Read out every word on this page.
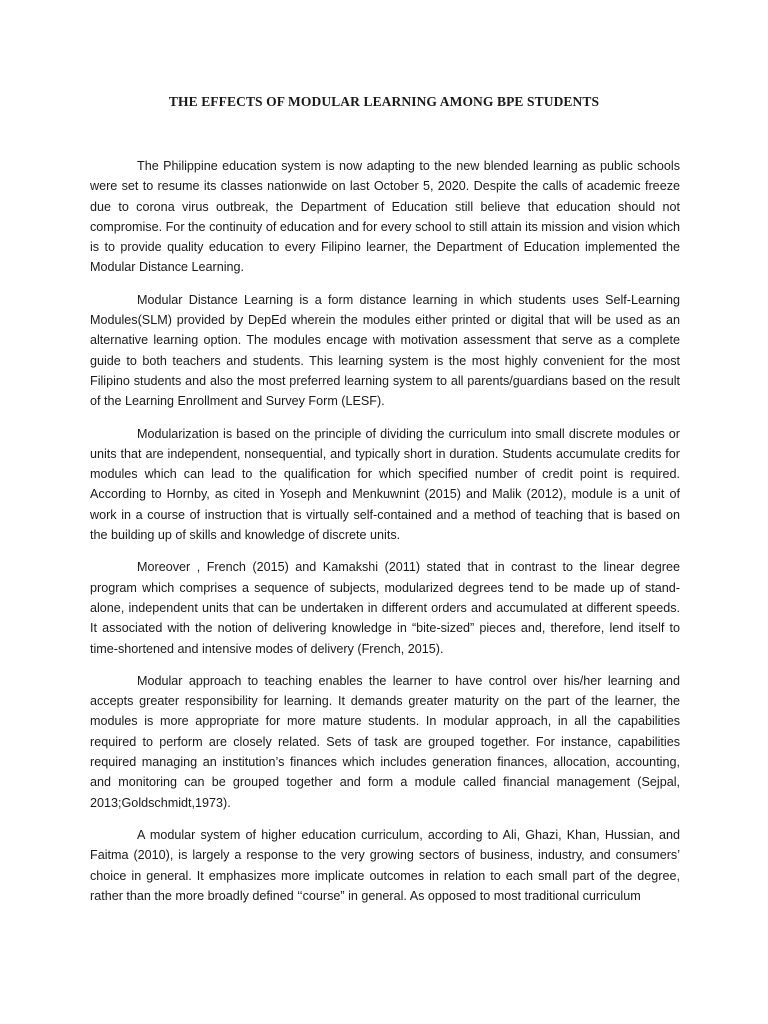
THE EFFECTS OF MODULAR LEARNING AMONG BPE STUDENTS

The Philippine education system is now adapting to the new blended learning as public schools were set to resume its classes nationwide on last October 5, 2020. Despite the calls of academic freeze due to corona virus outbreak, the Department of Education still believe that education should not compromise. For the continuity of education and for every school to still attain its mission and vision which is to provide quality education to every Filipino learner, the Department of Education implemented the Modular Distance Learning.

Modular Distance Learning is a form distance learning in which students uses Self-Learning Modules(SLM) provided by DepEd wherein the modules either printed or digital that will be used as an alternative learning option. The modules encage with motivation assessment that serve as a complete guide to both teachers and students. This learning system is the most highly convenient for the most Filipino students and also the most preferred learning system to all parents/guardians based on the result of the Learning Enrollment and Survey Form (LESF).

Modularization is based on the principle of dividing the curriculum into small discrete modules or units that are independent, nonsequential, and typically short in duration. Students accumulate credits for modules which can lead to the qualification for which specified number of credit point is required. According to Hornby, as cited in Yoseph and Menkuwnint (2015) and Malik (2012), module is a unit of work in a course of instruction that is virtually self-contained and a method of teaching that is based on the building up of skills and knowledge of discrete units.

Moreover , French (2015) and Kamakshi (2011) stated that in contrast to the linear degree program which comprises a sequence of subjects, modularized degrees tend to be made up of stand-alone, independent units that can be undertaken in different orders and accumulated at different speeds. It associated with the notion of delivering knowledge in “bite-sized” pieces and, therefore, lend itself to time-shortened and intensive modes of delivery (French, 2015).

Modular approach to teaching enables the learner to have control over his/her learning and accepts greater responsibility for learning. It demands greater maturity on the part of the learner, the modules is more appropriate for more mature students. In modular approach, in all the capabilities required to perform are closely related. Sets of task are grouped together. For instance, capabilities required managing an institution’s finances which includes generation finances, allocation, accounting, and monitoring can be grouped together and form a module called financial management (Sejpal, 2013;Goldschmidt,1973).

A modular system of higher education curriculum, according to Ali, Ghazi, Khan, Hussian, and Faitma (2010), is largely a response to the very growing sectors of business, industry, and consumers’ choice in general. It emphasizes more implicate outcomes in relation to each small part of the degree, rather than the more broadly defined ‘‘course” in general. As opposed to most traditional curriculum
